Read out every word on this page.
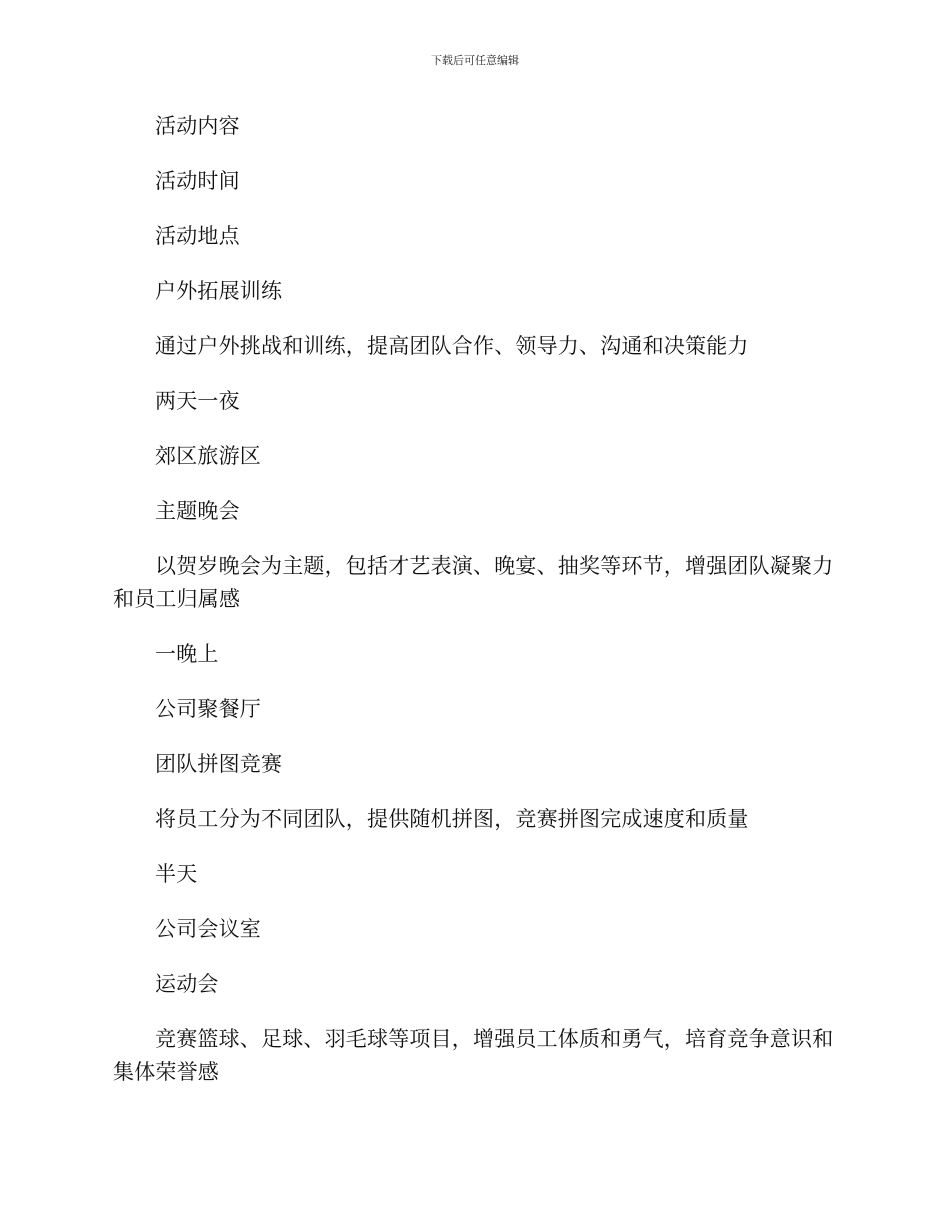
下载后可任意编辑

活动内容

活动时间

活动地点

户外拓展训练

通过户外挑战和训练，提高团队合作、领导力、沟通和决策能力

两天一夜

郊区旅游区

主题晚会

以贺岁晚会为主题，包括才艺表演、晚宴、抽奖等环节，增强团队凝聚力和员工归属感

一晚上

公司聚餐厅

团队拼图竞赛

将员工分为不同团队，提供随机拼图，竞赛拼图完成速度和质量

半天

公司会议室

运动会

竞赛篮球、足球、羽毛球等项目，增强员工体质和勇气，培育竞争意识和集体荣誉感
